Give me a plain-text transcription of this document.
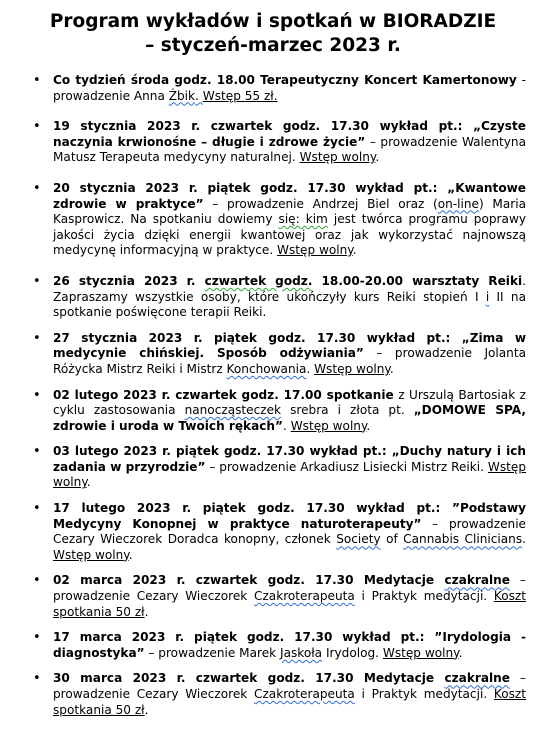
Program wykładów i spotkań w BIORADZIE
– styczeń-marzec 2023 r.
• Co tydzień środa godz. 18.00 Terapeutyczny Koncert Kamertonowy - prowadzenie Anna Żbik. Wstęp 55 zł.
• 19 stycznia 2023 r. czwartek godz. 17.30 wykład pt.: „Czyste naczynia krwionośne – długie i zdrowe życie” – prowadzenie Walentyna Matusz Terapeuta medycyny naturalnej. Wstęp wolny.
• 20 stycznia 2023 r. piątek godz. 17.30 wykład pt.: „Kwantowe zdrowie w praktyce” – prowadzenie Andrzej Biel oraz (on-line) Maria Kasprowicz. Na spotkaniu dowiemy się: kim jest twórca programu poprawy jakości życia dzięki energii kwantowej oraz jak wykorzystać najnowszą medycynę informacyjną w praktyce. Wstęp wolny.
• 26 stycznia 2023 r. czwartek godz. 18.00-20.00 warsztaty Reiki. Zapraszamy wszystkie osoby, które ukończyły kurs Reiki stopień I i II na spotkanie poświęcone terapii Reiki.
• 27 stycznia 2023 r. piątek godz. 17.30 wykład pt.: „Zima w medycynie chińskiej. Sposób odżywiania” – prowadzenie Jolanta Różycka Mistrz Reiki i Mistrz Konchowania. Wstęp wolny.
• 02 lutego 2023 r. czwartek godz. 17.00 spotkanie z Urszulą Bartosiak z cyklu zastosowania nanocząsteczek srebra i złota pt. „DOMOWE SPA, zdrowie i uroda w Twoich rękach”. Wstęp wolny.
• 03 lutego 2023 r. piątek godz. 17.30 wykład pt.: „Duchy natury i ich zadania w przyrodzie” – prowadzenie Arkadiusz Lisiecki Mistrz Reiki. Wstęp wolny.
• 17 lutego 2023 r. piątek godz. 17.30 wykład pt.: ”Podstawy Medycyny Konopnej w praktyce naturoterapeuty” – prowadzenie Cezary Wieczorek Doradca konopny, członek Society of Cannabis Clinicians. Wstęp wolny.
• 02 marca 2023 r. czwartek godz. 17.30 Medytacje czakralne – prowadzenie Cezary Wieczorek Czakroterapeuta i Praktyk medytacji. Koszt spotkania 50 zł.
• 17 marca 2023 r. piątek godz. 17.30 wykład pt.: ”Irydologia - diagnostyka” – prowadzenie Marek Jaskoła Irydolog. Wstęp wolny.
• 30 marca 2023 r. czwartek godz. 17.30 Medytacje czakralne – prowadzenie Cezary Wieczorek Czakroterapeuta i Praktyk medytacji. Koszt spotkania 50 zł.
